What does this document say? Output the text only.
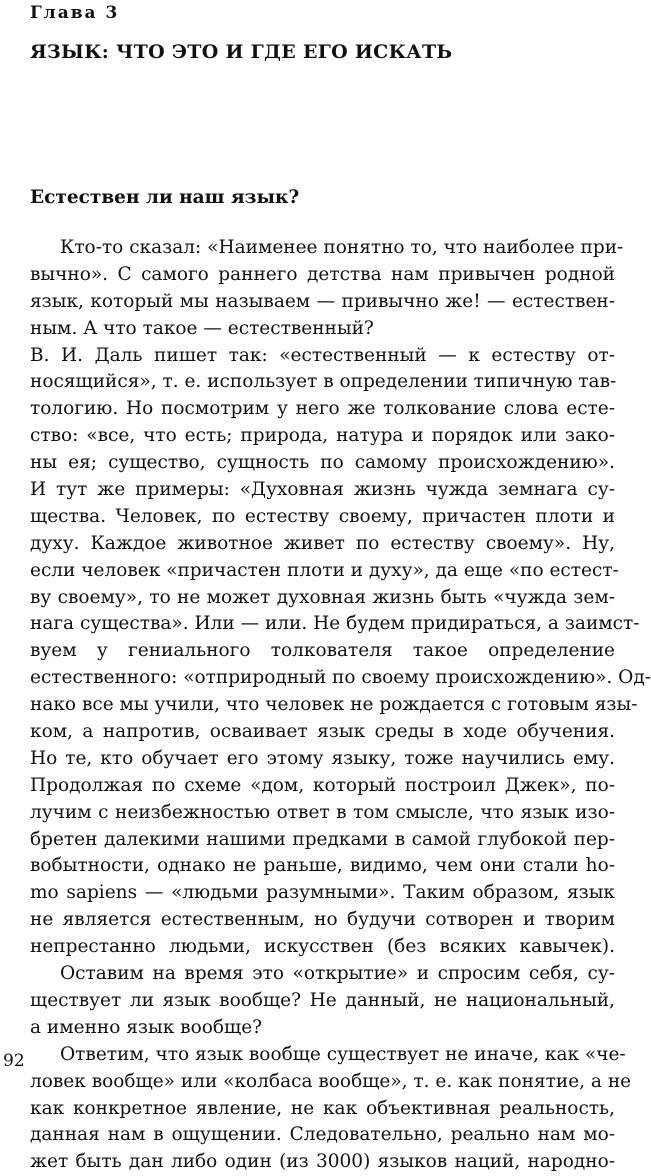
Глава 3
ЯЗЫК: ЧТО ЭТО И ГДЕ ЕГО ИСКАТЬ
Естествен ли наш язык?
Кто-то сказал: «Наименее понятно то, что наиболее при-
вычно». С самого раннего детства нам привычен родной
язык, который мы называем — привычно же! — естествен-
ным. А что такое — естественный?
В. И. Даль пишет так: «естественный — к естеству от-
носящийся», т. е. использует в определении типичную тав-
тологию. Но посмотрим у него же толкование слова есте-
ство: «все, что есть; природа, натура и порядок или зако-
ны ея; существо, сущность по самому происхождению».
И тут же примеры: «Духовная жизнь чужда земнага су-
щества. Человек, по естеству своему, причастен плоти и
духу. Каждое животное живет по естеству своему». Ну,
если человек «причастен плоти и духу», да еще «по естест-
ву своему», то не может духовная жизнь быть «чужда зем-
нага существа». Или — или. Не будем придираться, а заимст-
вуем у гениального толкователя такое определение
естественного: «отприродный по своему происхождению». Од-
нако все мы учили, что человек не рождается с готовым язы-
ком, а напротив, осваивает язык среды в ходе обучения.
Но те, кто обучает его этому языку, тоже научились ему.
Продолжая по схеме «дом, который построил Джек», по-
лучим с неизбежностью ответ в том смысле, что язык изо-
бретен далекими нашими предками в самой глубокой пер-
вобытности, однако не раньше, видимо, чем они стали ho-
mo sapiens — «людьми разумными». Таким образом, язык
не является естественным, но будучи сотворен и творим
непрестанно людьми, искусствен (без всяких кавычек).
Оставим на время это «открытие» и спросим себя, су-
ществует ли язык вообще? Не данный, не национальный,
а именно язык вообще?
Ответим, что язык вообще существует не иначе, как «че-
ловек вообще» или «колбаса вообще», т. е. как понятие, а не
как конкретное явление, не как объективная реальность,
данная нам в ощущении. Следовательно, реально нам мо-
жет быть дан либо один (из 3000) языков наций, народно-
92
